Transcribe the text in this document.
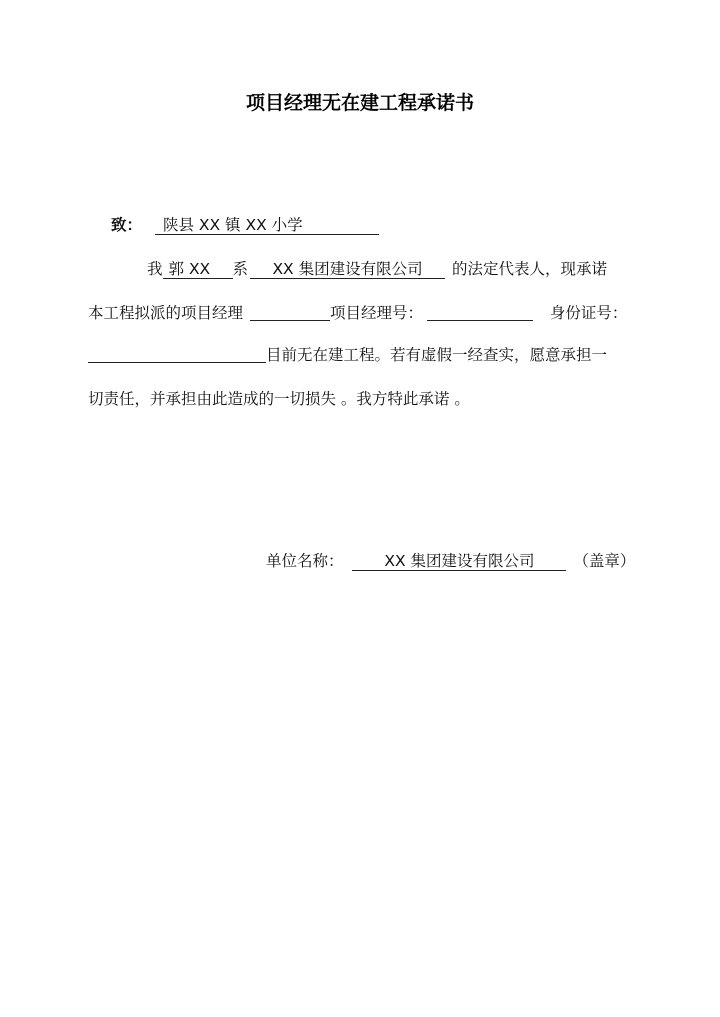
项目经理无在建工程承诺书
致： 陕县 XX 镇 XX 小学
我 郭 XX 系 XX 集团建设有限公司 的法定代表人，现承诺
本工程拟派的项目经理	项目经理号：	身份证号：
目前无在建工程。若有虚假一经查实，愿意承担一
切责任，并承担由此造成的一切损失 。我方特此承诺 。
单位名称：	XX 集团建设有限公司	（盖章）
